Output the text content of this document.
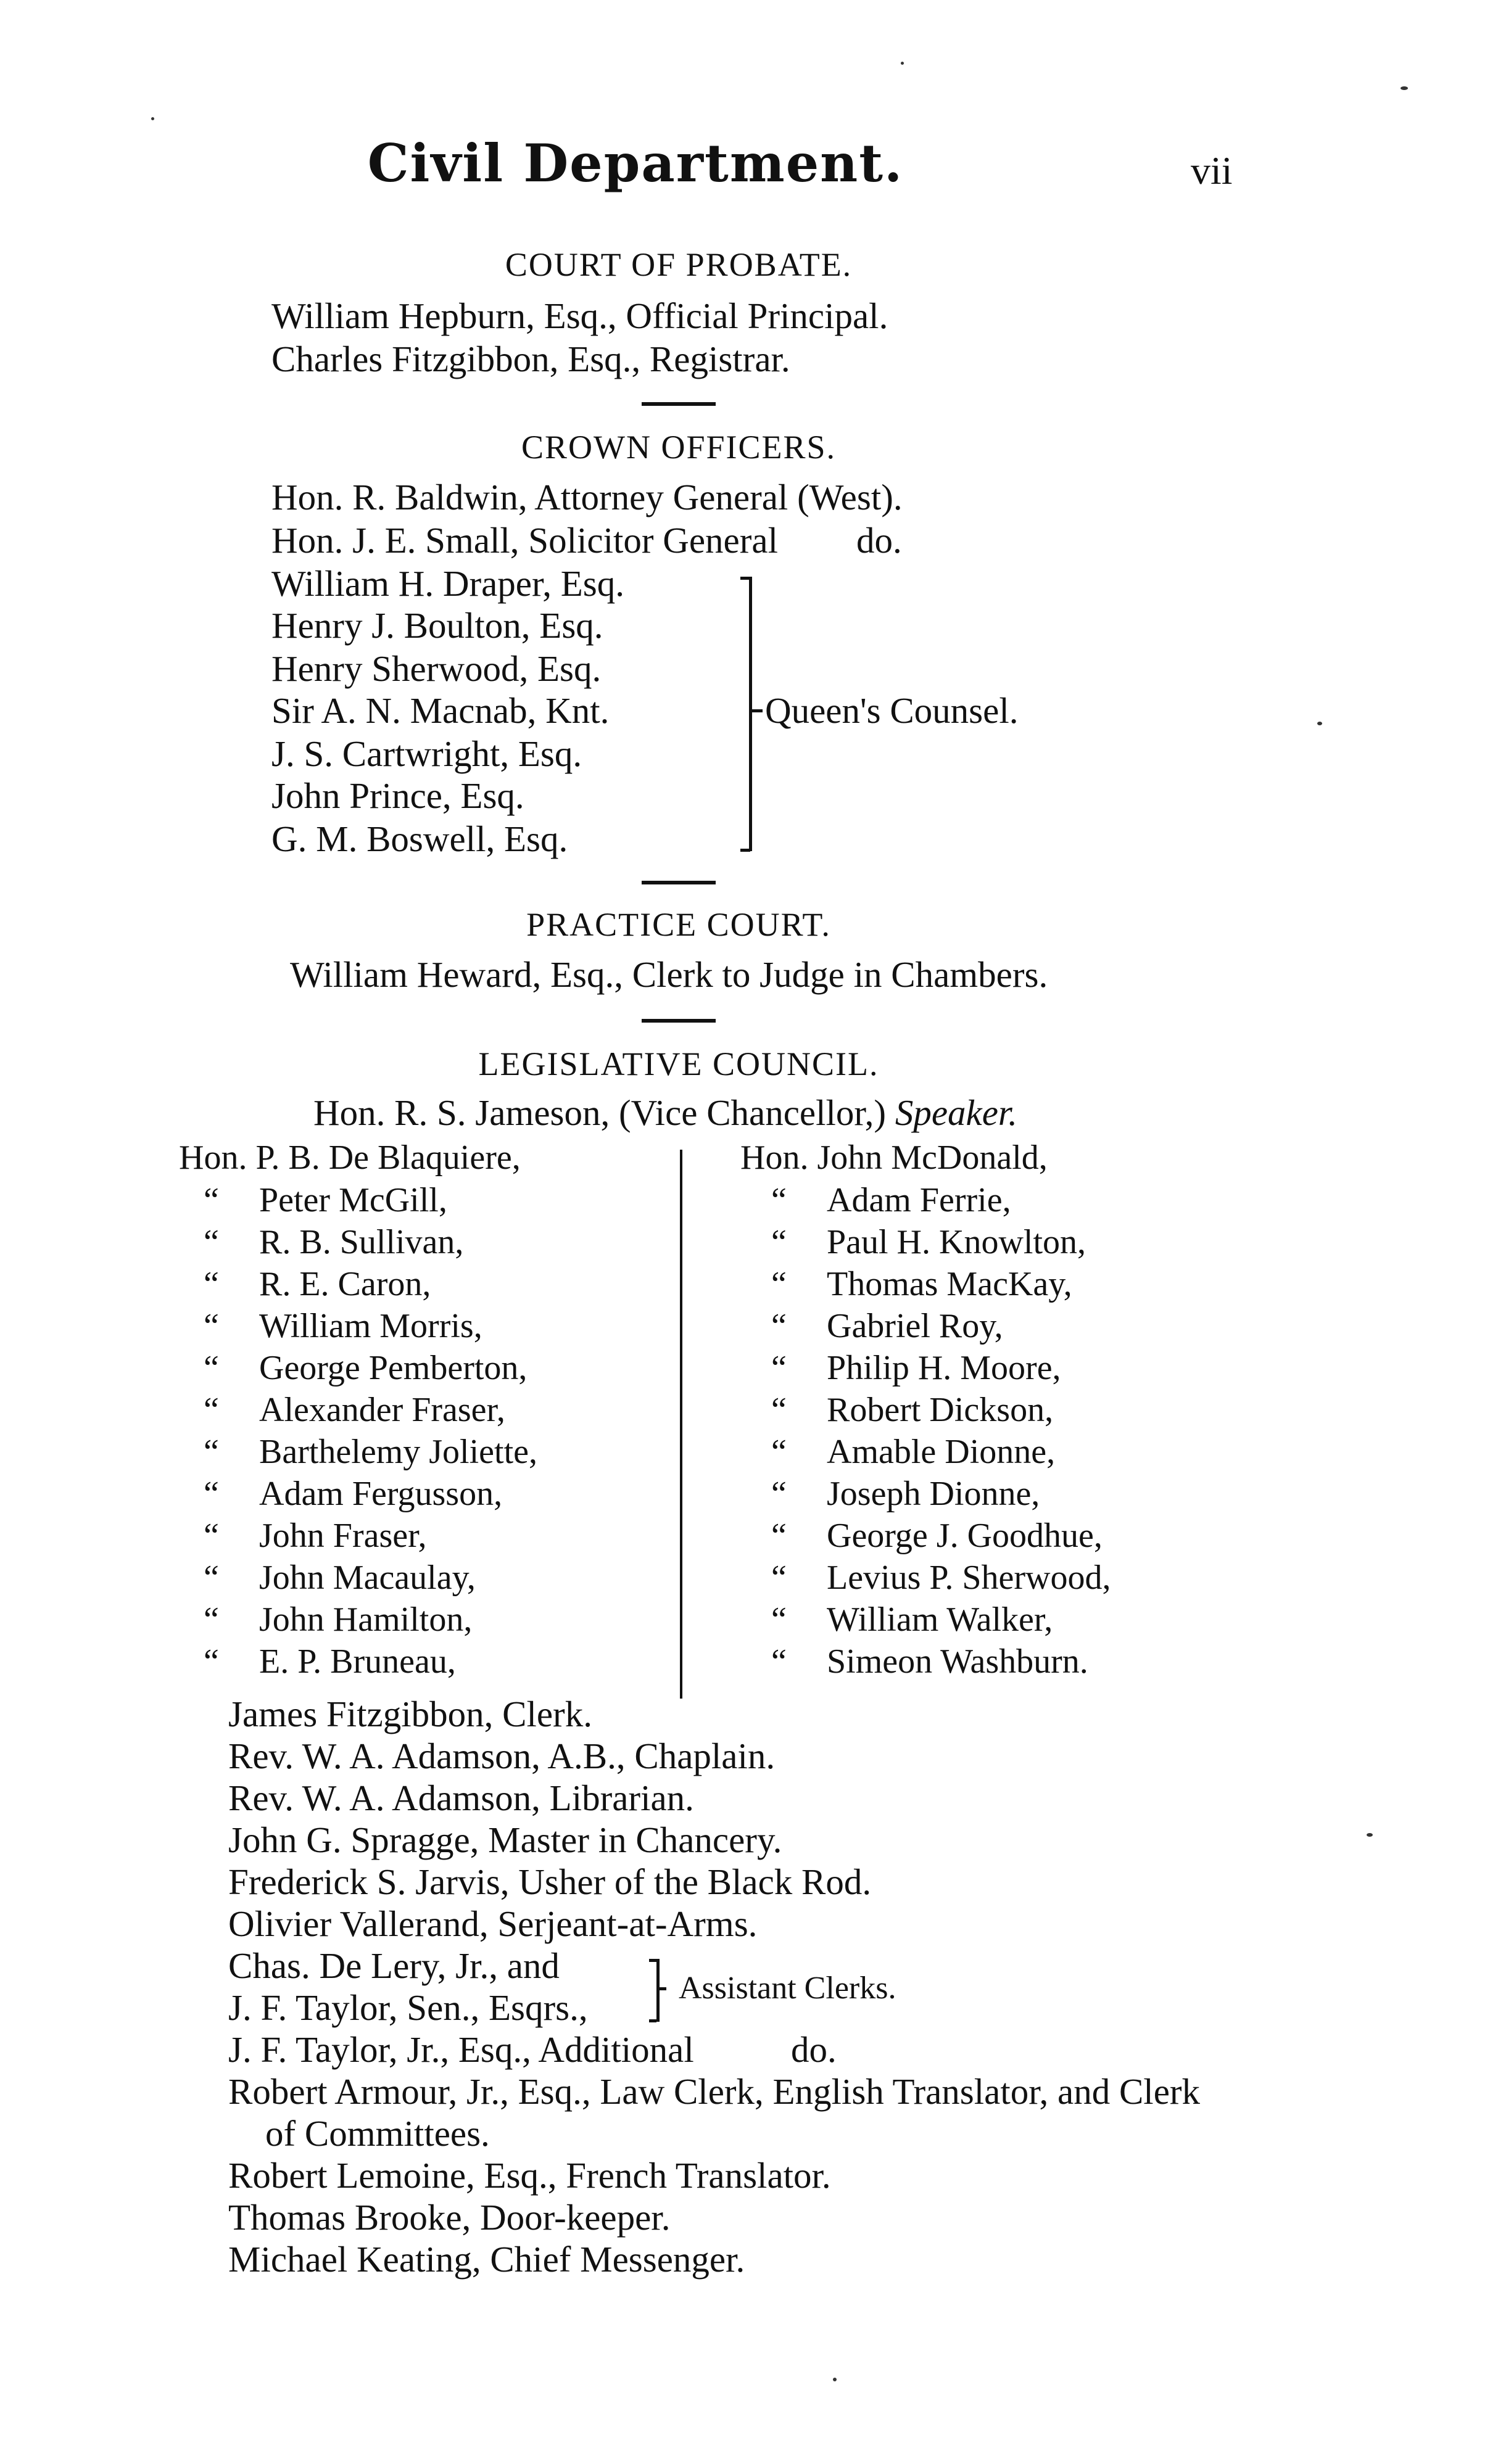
Civil Department.	vii
COURT OF PROBATE.
William Hepburn, Esq., Official Principal.
Charles Fitzgibbon, Esq., Registrar.
CROWN OFFICERS.
Hon. R. Baldwin, Attorney General (West).
Hon. J. E. Small, Solicitor General do.
William H. Draper, Esq.
Henry J. Boulton, Esq.
Henry Sherwood, Esq.
Sir A. N. Macnab, Knt.
J. S. Cartwright, Esq.
John Prince, Esq.
G. M. Boswell, Esq.
Queen's Counsel.
PRACTICE COURT.
William Heward, Esq., Clerk to Judge in Chambers.
LEGISLATIVE COUNCIL.
Hon. R. S. Jameson, (Vice Chancellor,) Speaker.
Hon. P. B. De Blaquiere,
“ Peter McGill,
“ R. B. Sullivan,
“ R. E. Caron,
“ William Morris,
“ George Pemberton,
“ Alexander Fraser,
“ Barthelemy Joliette,
“ Adam Fergusson,
“ John Fraser,
“ John Macaulay,
“ John Hamilton,
“ E. P. Bruneau,
Hon. John McDonald,
“ Adam Ferrie,
“ Paul H. Knowlton,
“ Thomas MacKay,
“ Gabriel Roy,
“ Philip H. Moore,
“ Robert Dickson,
“ Amable Dionne,
“ Joseph Dionne,
“ George J. Goodhue,
“ Levius P. Sherwood,
“ William Walker,
“ Simeon Washburn.
James Fitzgibbon, Clerk.
Rev. W. A. Adamson, A.B., Chaplain.
Rev. W. A. Adamson, Librarian.
John G. Spragge, Master in Chancery.
Frederick S. Jarvis, Usher of the Black Rod.
Olivier Vallerand, Serjeant-at-Arms.
Chas. De Lery, Jr., and
J. F. Taylor, Sen., Esqrs.,	Assistant Clerks.
J. F. Taylor, Jr., Esq., Additional	do.
Robert Armour, Jr., Esq., Law Clerk, English Translator, and Clerk
of Committees.
Robert Lemoine, Esq., French Translator.
Thomas Brooke, Door-keeper.
Michael Keating, Chief Messenger.
